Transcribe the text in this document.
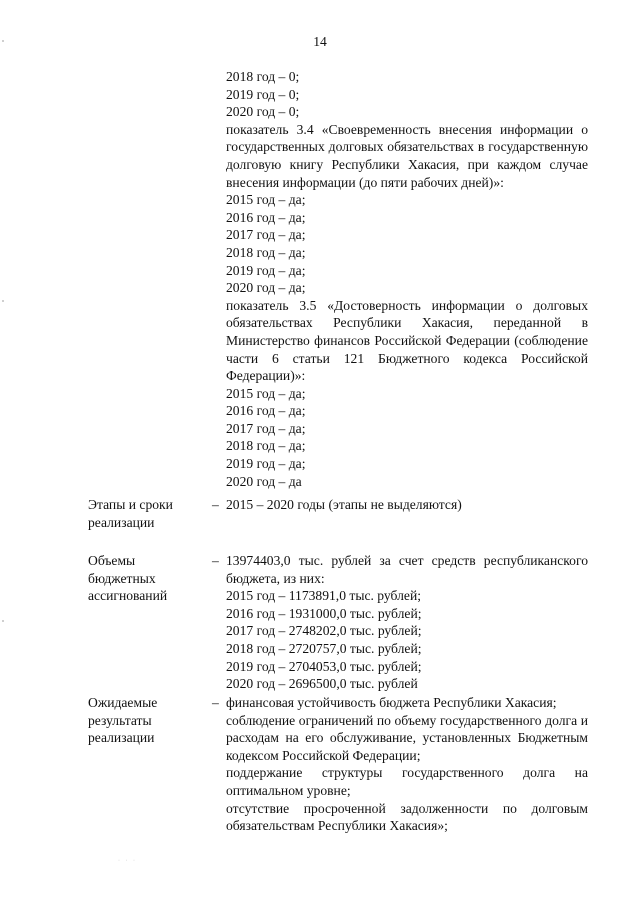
14
2018 год – 0;
2019 год – 0;
2020 год – 0;
показатель 3.4 «Своевременность внесения информации о государственных долговых обязательствах в государственную долговую книгу Республики Хакасия, при каждом случае внесения информации (до пяти рабочих дней)»:
2015 год – да;
2016 год – да;
2017 год – да;
2018 год – да;
2019 год – да;
2020 год – да;
показатель 3.5 «Достоверность информации о долговых обязательствах Республики Хакасия, переданной в Министерство финансов Российской Федерации (соблюдение части 6 статьи 121 Бюджетного кодекса Российской Федерации)»:
2015 год – да;
2016 год – да;
2017 год – да;
2018 год – да;
2019 год – да;
2020 год – да
Этапы и сроки
реализации
– 2015 – 2020 годы (этапы не выделяются)
Объемы
бюджетных
ассигнований
– 13974403,0 тыс. рублей за счет средств республиканского бюджета, из них:
2015 год – 1173891,0 тыс. рублей;
2016 год – 1931000,0 тыс. рублей;
2017 год – 2748202,0 тыс. рублей;
2018 год – 2720757,0 тыс. рублей;
2019 год – 2704053,0 тыс. рублей;
2020 год – 2696500,0 тыс. рублей
Ожидаемые
результаты
реализации
– финансовая устойчивость бюджета Республики Хакасия;
соблюдение ограничений по объему государственного долга и расходам на его обслуживание, установленных Бюджетным кодексом Российской Федерации;
поддержание структуры государственного долга на оптимальном уровне;
отсутствие просроченной задолженности по долговым обязательствам Республики Хакасия»;
· · ·
